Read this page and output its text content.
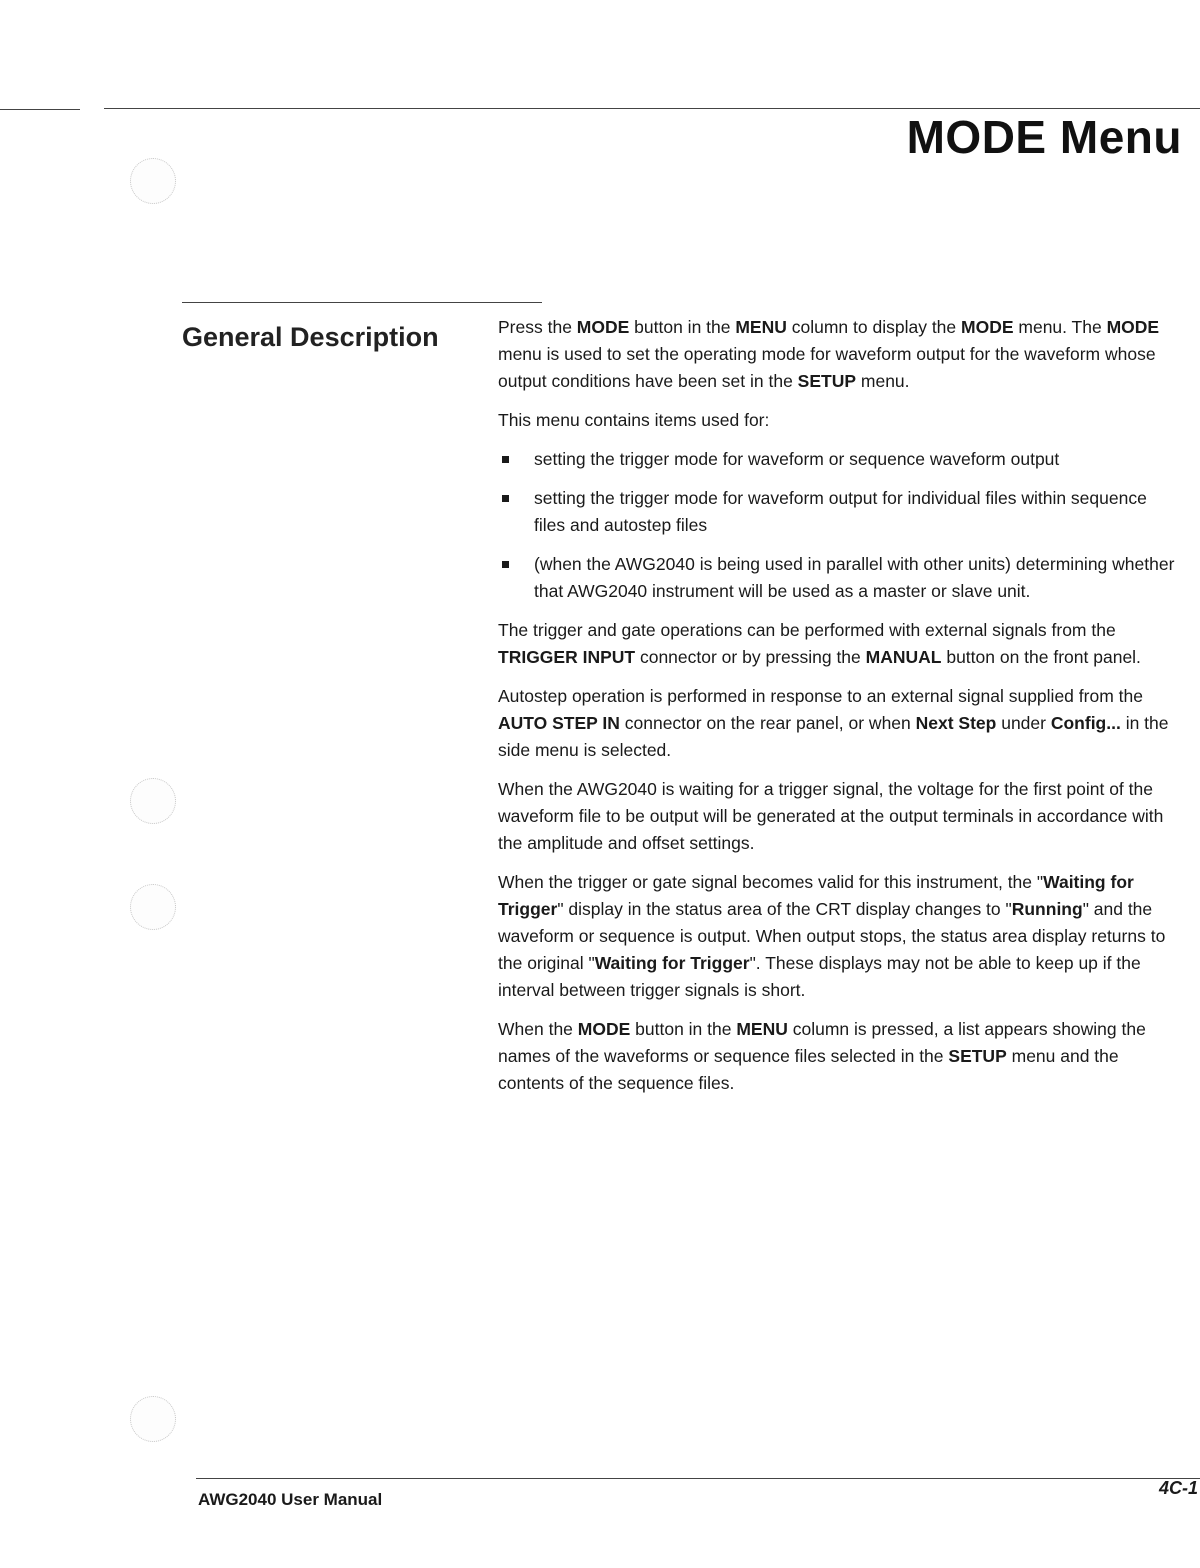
MODE Menu
General Description	Press the MODE button in the MENU column to display the MODE menu. The MODE menu is used to set the operating mode for waveform output for the waveform whose output conditions have been set in the SETUP menu.

This menu contains items used for:

setting the trigger mode for waveform or sequence waveform output
setting the trigger mode for waveform output for individual files within sequence files and autostep files
(when the AWG2040 is being used in parallel with other units) determining whether that AWG2040 instrument will be used as a master or slave unit.

The trigger and gate operations can be performed with external signals from the TRIGGER INPUT connector or by pressing the MANUAL button on the front panel.

Autostep operation is performed in response to an external signal supplied from the AUTO STEP IN connector on the rear panel, or when Next Step under Config... in the side menu is selected.

When the AWG2040 is waiting for a trigger signal, the voltage for the first point of the waveform file to be output will be generated at the output terminals in accordance with the amplitude and offset settings.

When the trigger or gate signal becomes valid for this instrument, the "Waiting for Trigger" display in the status area of the CRT display changes to "Running" and the waveform or sequence is output. When output stops, the status area display returns to the original "Waiting for Trigger". These displays may not be able to keep up if the interval between trigger signals is short.

When the MODE button in the MENU column is pressed, a list appears showing the names of the waveforms or sequence files selected in the SETUP menu and the contents of the sequence files.

AWG2040 User Manual
4C-1
